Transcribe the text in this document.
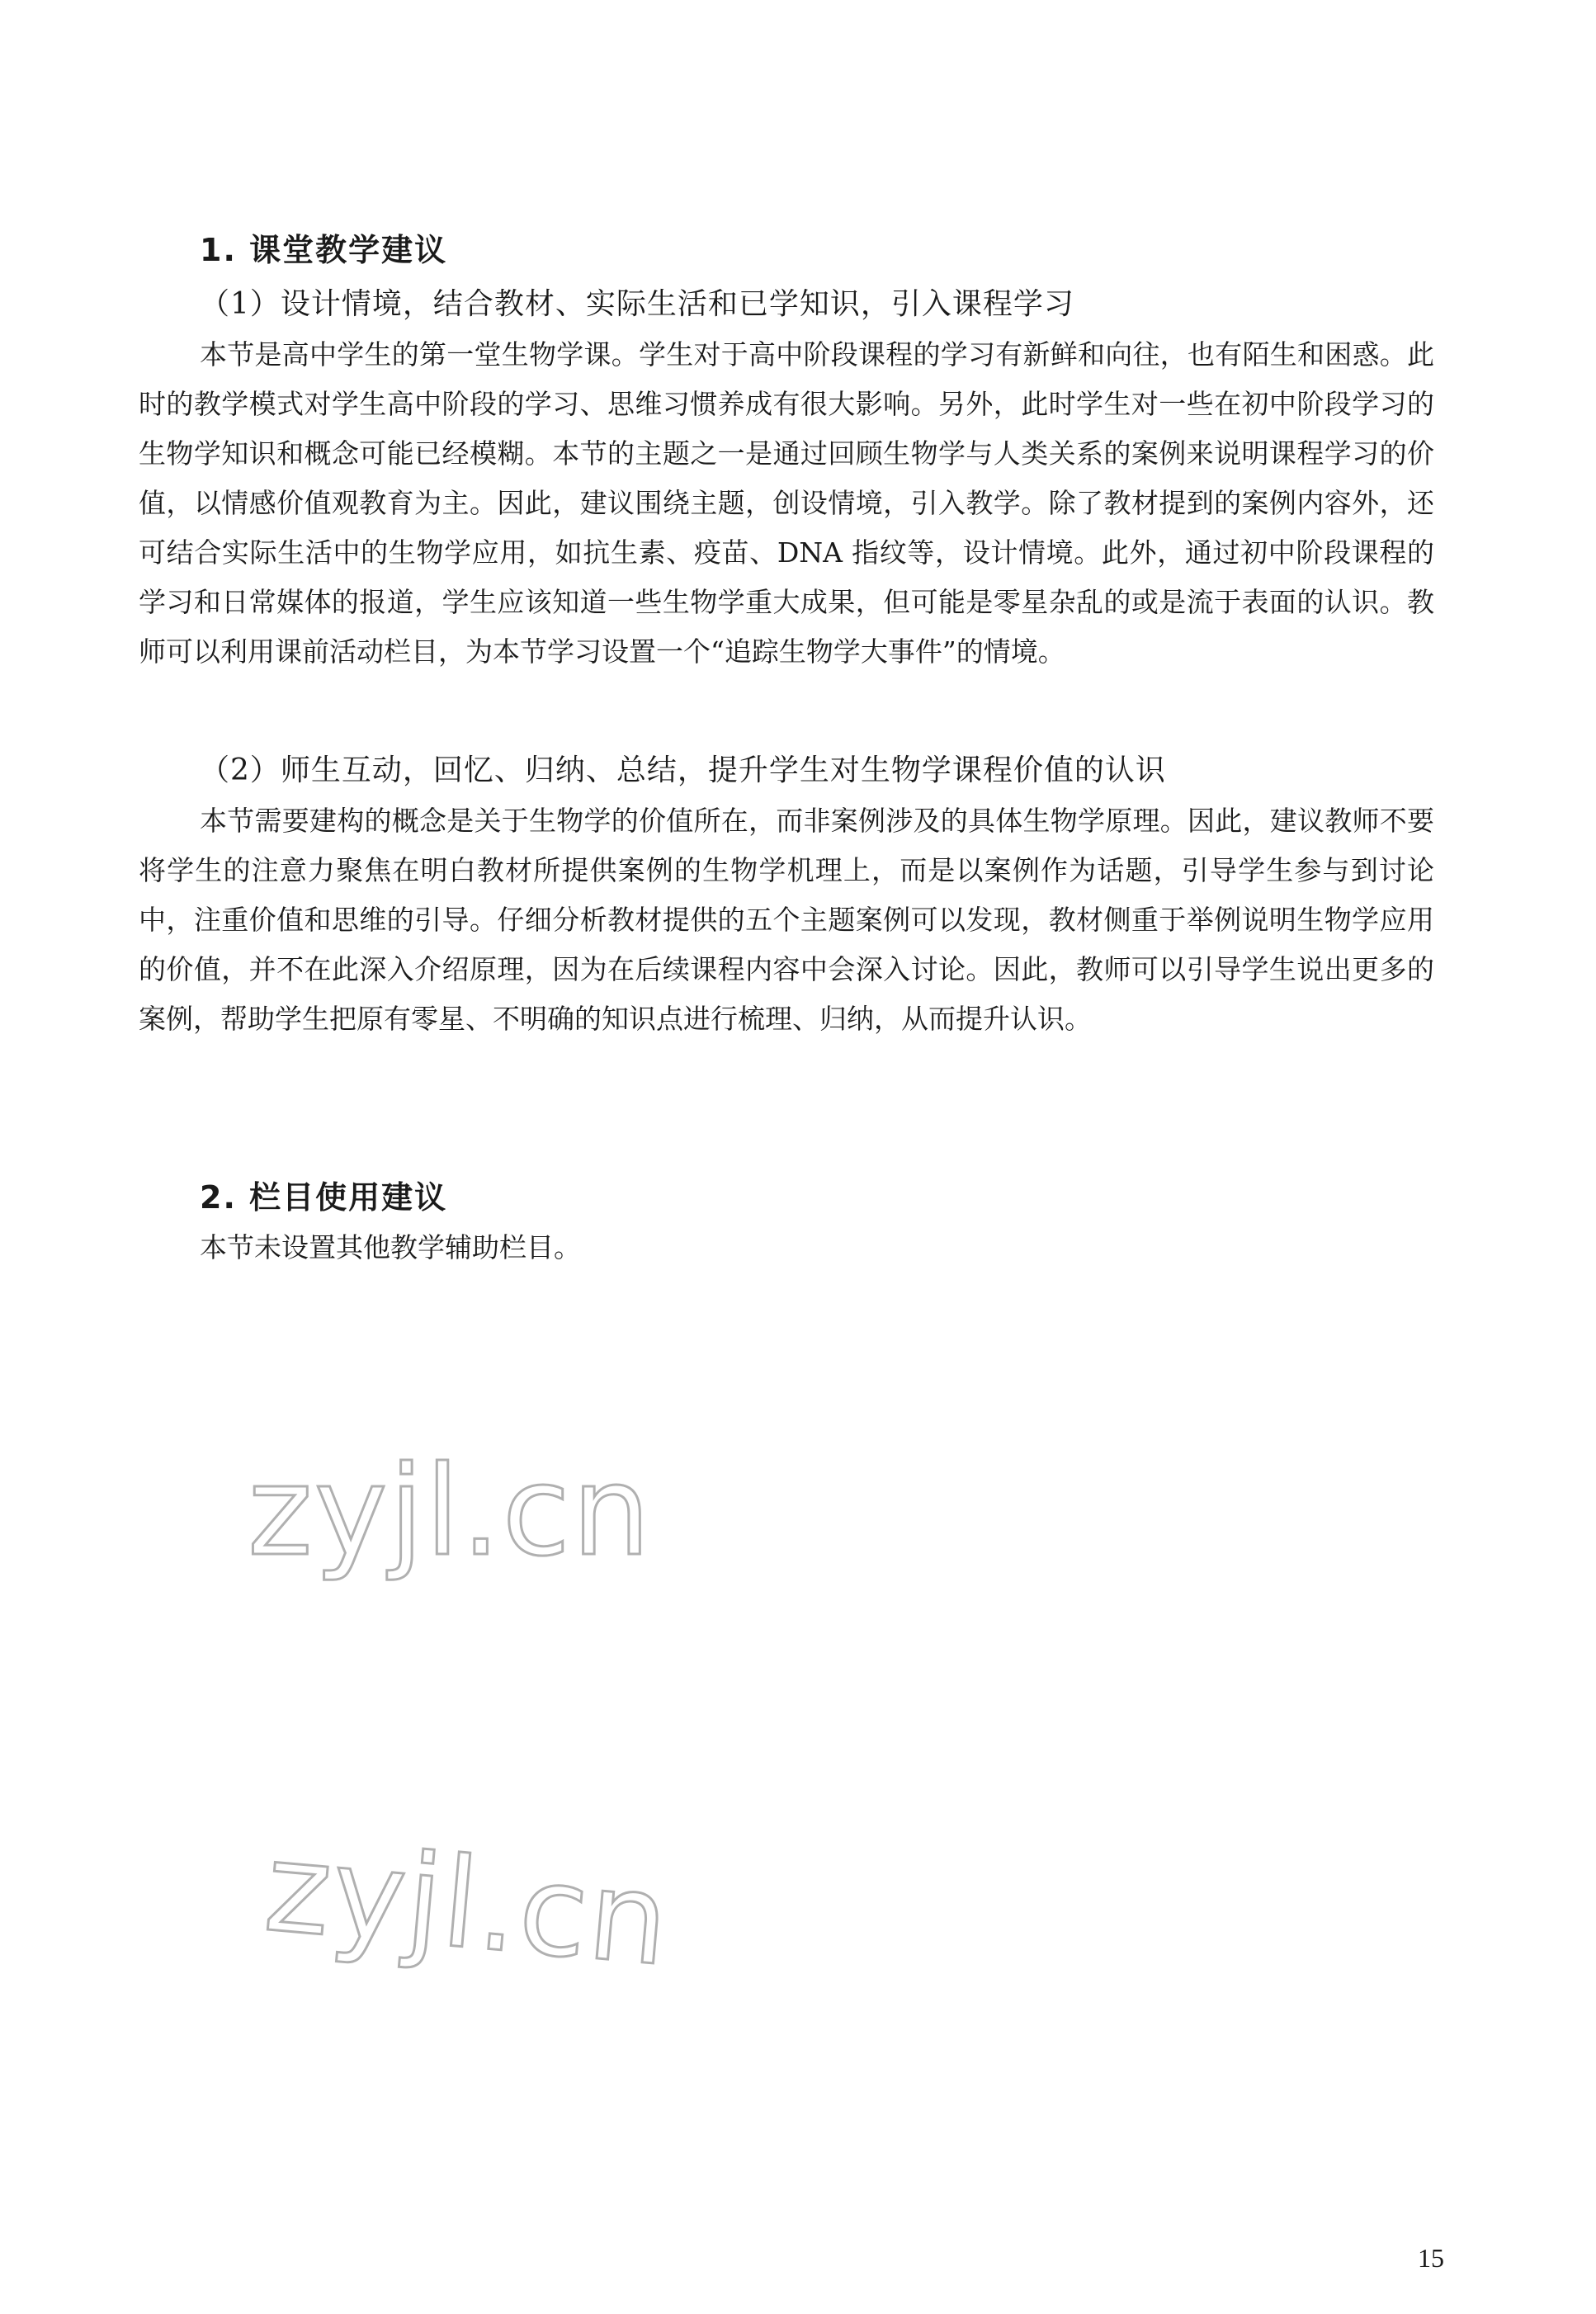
1. 课堂教学建议
（1）设计情境，结合教材、实际生活和已学知识，引入课程学习
本节是高中学生的第一堂生物学课。学生对于高中阶段课程的学习有新鲜和向往，也有陌生和困惑。此时的教学模式对学生高中阶段的学习、思维习惯养成有很大影响。另外，此时学生对一些在初中阶段学习的生物学知识和概念可能已经模糊。本节的主题之一是通过回顾生物学与人类关系的案例来说明课程学习的价值，以情感价值观教育为主。因此，建议围绕主题，创设情境，引入教学。除了教材提到的案例内容外，还可结合实际生活中的生物学应用，如抗生素、疫苗、DNA 指纹等，设计情境。此外，通过初中阶段课程的学习和日常媒体的报道，学生应该知道一些生物学重大成果，但可能是零星杂乱的或是流于表面的认识。教师可以利用课前活动栏目，为本节学习设置一个“追踪生物学大事件”的情境。
（2）师生互动，回忆、归纳、总结，提升学生对生物学课程价值的认识
本节需要建构的概念是关于生物学的价值所在，而非案例涉及的具体生物学原理。因此，建议教师不要将学生的注意力聚焦在明白教材所提供案例的生物学机理上，而是以案例作为话题，引导学生参与到讨论中，注重价值和思维的引导。仔细分析教材提供的五个主题案例可以发现，教材侧重于举例说明生物学应用的价值，并不在此深入介绍原理，因为在后续课程内容中会深入讨论。因此，教师可以引导学生说出更多的案例，帮助学生把原有零星、不明确的知识点进行梳理、归纳，从而提升认识。
2. 栏目使用建议
本节未设置其他教学辅助栏目。
zyjl.cn
zyjl.cn
15
